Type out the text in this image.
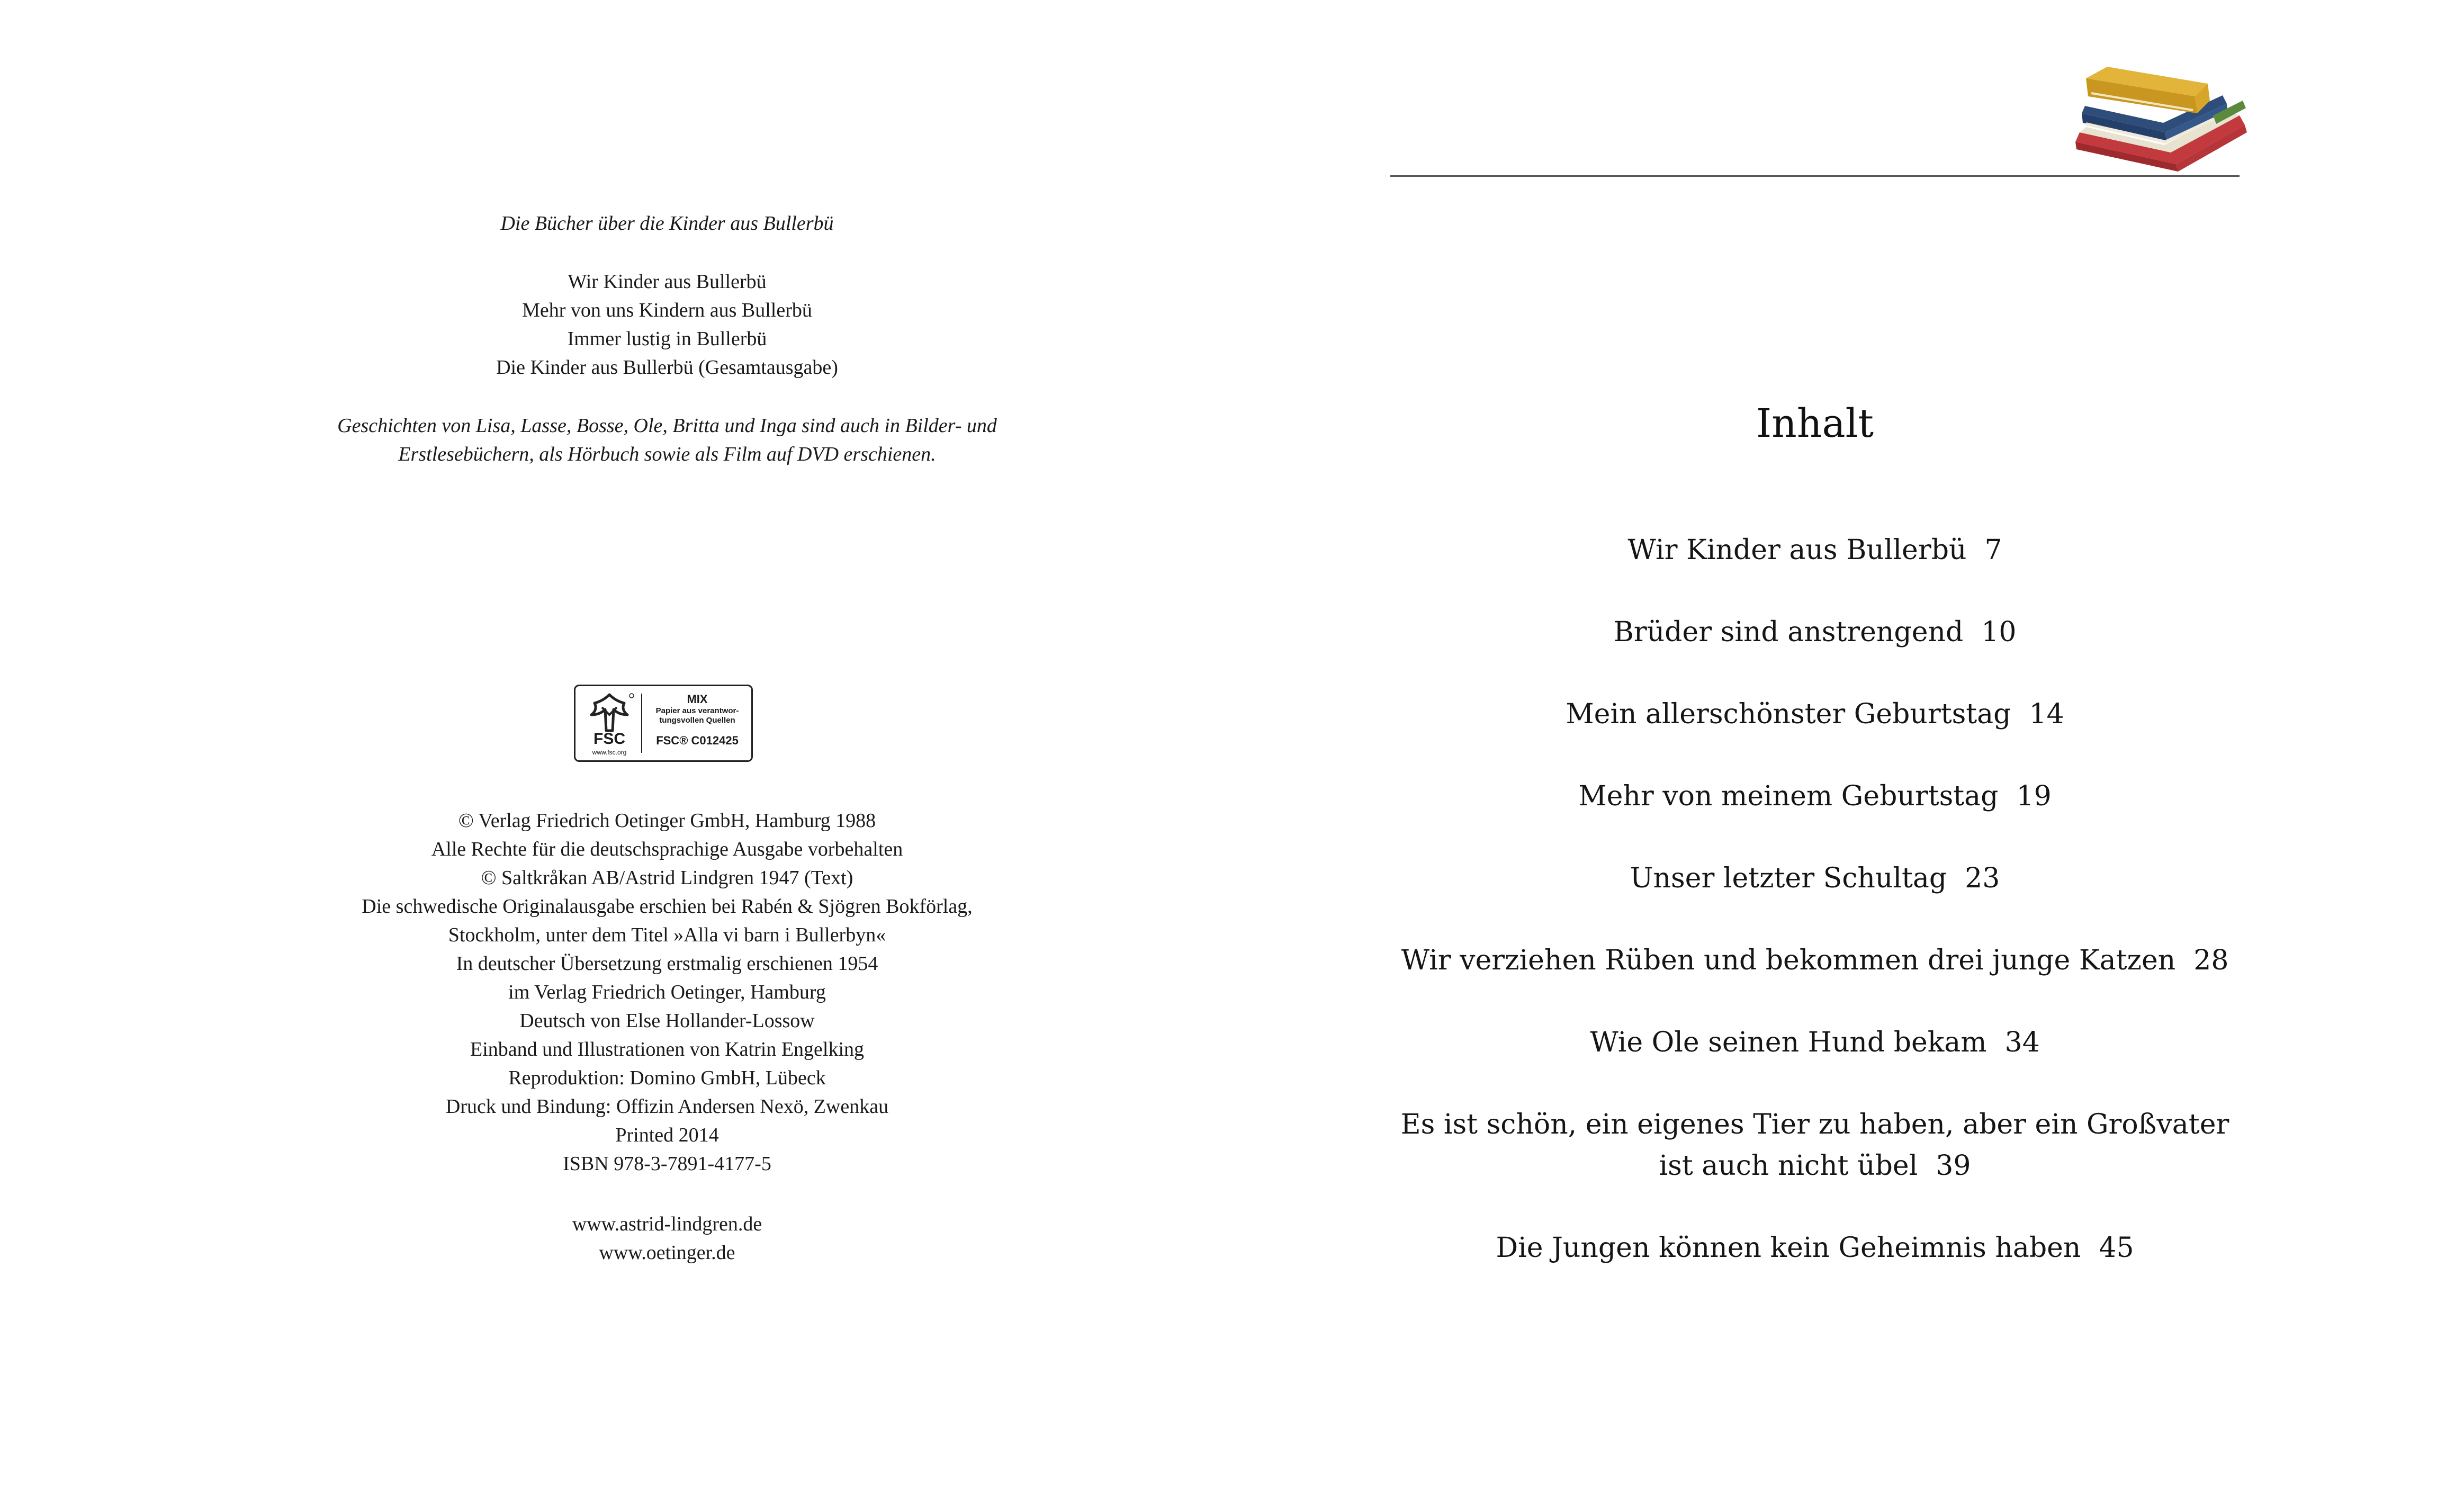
Die Bücher über die Kinder aus Bullerbü
Wir Kinder aus Bullerbü
Mehr von uns Kindern aus Bullerbü
Immer lustig in Bullerbü
Die Kinder aus Bullerbü (Gesamtausgabe)
Geschichten von Lisa, Lasse, Bosse, Ole, Britta und Inga sind auch in Bilder- und
Erstlesebüchern, als Hörbuch sowie als Film auf DVD erschienen.
FSC
www.fsc.org
MIX
Papier aus verantwor-
tungsvollen Quellen
FSC® C012425
© Verlag Friedrich Oetinger GmbH, Hamburg 1988
Alle Rechte für die deutschsprachige Ausgabe vorbehalten
© Saltkråkan AB/Astrid Lindgren 1947 (Text)
Die schwedische Originalausgabe erschien bei Rabén & Sjögren Bokförlag,
Stockholm, unter dem Titel »Alla vi barn i Bullerbyn«
In deutscher Übersetzung erstmalig erschienen 1954
im Verlag Friedrich Oetinger, Hamburg
Deutsch von Else Hollander-Lossow
Einband und Illustrationen von Katrin Engelking
Reproduktion: Domino GmbH, Lübeck
Druck und Bindung: Offizin Andersen Nexö, Zwenkau
Printed 2014
ISBN 978-3-7891-4177-5
www.astrid-lindgren.de
www.oetinger.de
Inhalt
Wir Kinder aus Bullerbü 7
Brüder sind anstrengend 10
Mein allerschönster Geburtstag 14
Mehr von meinem Geburtstag 19
Unser letzter Schultag 23
Wir verziehen Rüben und bekommen drei junge Katzen 28
Wie Ole seinen Hund bekam 34
Es ist schön, ein eigenes Tier zu haben, aber ein Großvater
ist auch nicht übel 39
Die Jungen können kein Geheimnis haben 45
